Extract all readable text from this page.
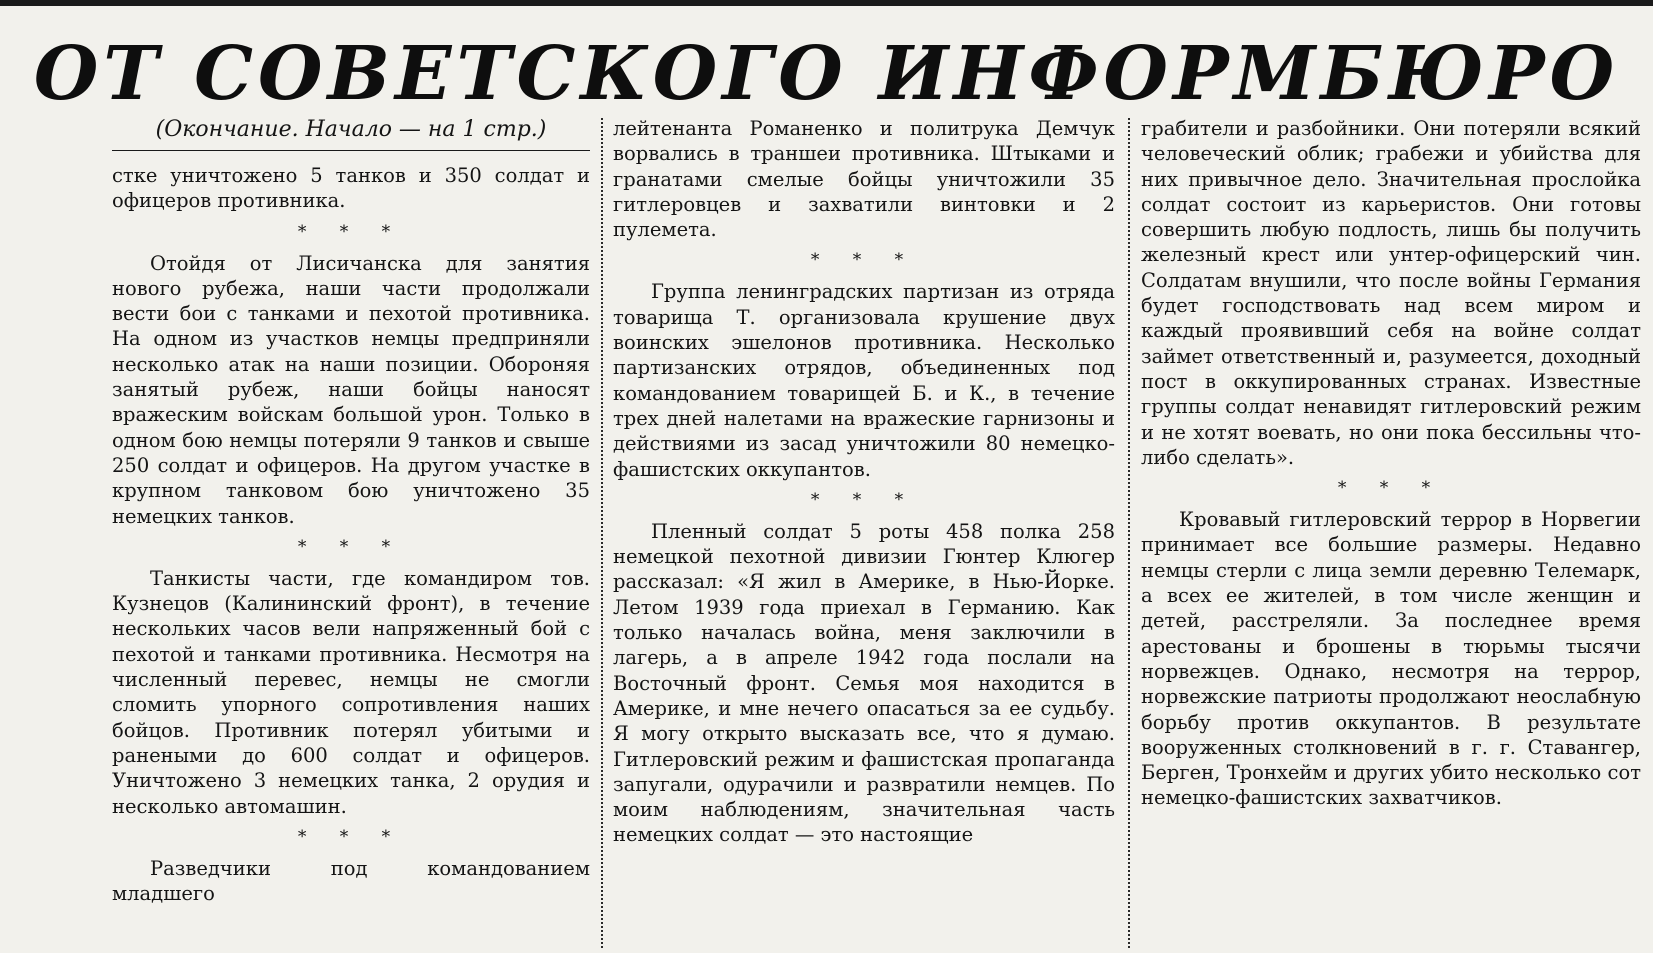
ОТ СОВЕТСКОГО ИНФОРМБЮРО
(Окончание. Начало — на 1 стр.)

стке уничтожено 5 танков и 350 солдат и офицеров противника.

* * *

Отойдя от Лисичанска для занятия нового рубежа, наши части продолжали вести бои с танками и пехотой противника. На одном из участков немцы предприняли несколько атак на наши позиции. Обороняя занятый рубеж, наши бойцы наносят вражеским войскам большой урон. Только в одном бою немцы потеряли 9 танков и свыше 250 солдат и офицеров. На другом участке в крупном танковом бою уничтожено 35 немецких танков.

* * *

Танкисты части, где командиром тов. Кузнецов (Калининский фронт), в течение нескольких часов вели напряженный бой с пехотой и танками противника. Несмотря на численный перевес, немцы не смогли сломить упорного сопротивления наших бойцов. Противник потерял убитыми и ранеными до 600 солдат и офицеров. Уничтожено 3 немецких танка, 2 орудия и несколько автомашин.

* * *

Разведчики под командованием младшего

лейтенанта Романенко и политрука Демчук ворвались в траншеи противника. Штыками и гранатами смелые бойцы уничтожили 35 гитлеровцев и захватили винтовки и 2 пулемета.

* * *

Группа ленинградских партизан из отряда товарища Т. организовала крушение двух воинских эшелонов противника. Несколько партизанских отрядов, объединенных под командованием товарищей Б. и К., в течение трех дней налетами на вражеские гарнизоны и действиями из засад уничтожили 80 немецко-фашистских оккупантов.

* * *

Пленный солдат 5 роты 458 полка 258 немецкой пехотной дивизии Гюнтер Клюгер рассказал: «Я жил в Америке, в Нью-Йорке. Летом 1939 года приехал в Германию. Как только началась война, меня заключили в лагерь, а в апреле 1942 года послали на Восточный фронт. Семья моя находится в Америке, и мне нечего опасаться за ее судьбу. Я могу открыто высказать все, что я думаю. Гитлеровский режим и фашистская пропаганда запугали, одурачили и развратили немцев. По моим наблюдениям, значительная часть немецких солдат — это настоящие

грабители и разбойники. Они потеряли всякий человеческий облик; грабежи и убийства для них привычное дело. Значительная прослойка солдат состоит из карьеристов. Они готовы совершить любую подлость, лишь бы получить железный крест или унтер-офицерский чин. Солдатам внушили, что после войны Германия будет господствовать над всем миром и каждый проявивший себя на войне солдат займет ответственный и, разумеется, доходный пост в оккупированных странах. Известные группы солдат ненавидят гитлеровский режим и не хотят воевать, но они пока бессильны что-либо сделать».

* * *

Кровавый гитлеровский террор в Норвегии принимает все большие размеры. Недавно немцы стерли с лица земли деревню Телемарк, а всех ее жителей, в том числе женщин и детей, расстреляли. За последнее время арестованы и брошены в тюрьмы тысячи норвежцев. Однако, несмотря на террор, норвежские патриоты продолжают неослабную борьбу против оккупантов. В результате вооруженных столкновений в г. г. Ставангер, Берген, Тронхейм и других убито несколько сот немецко-фашистских захватчиков.
